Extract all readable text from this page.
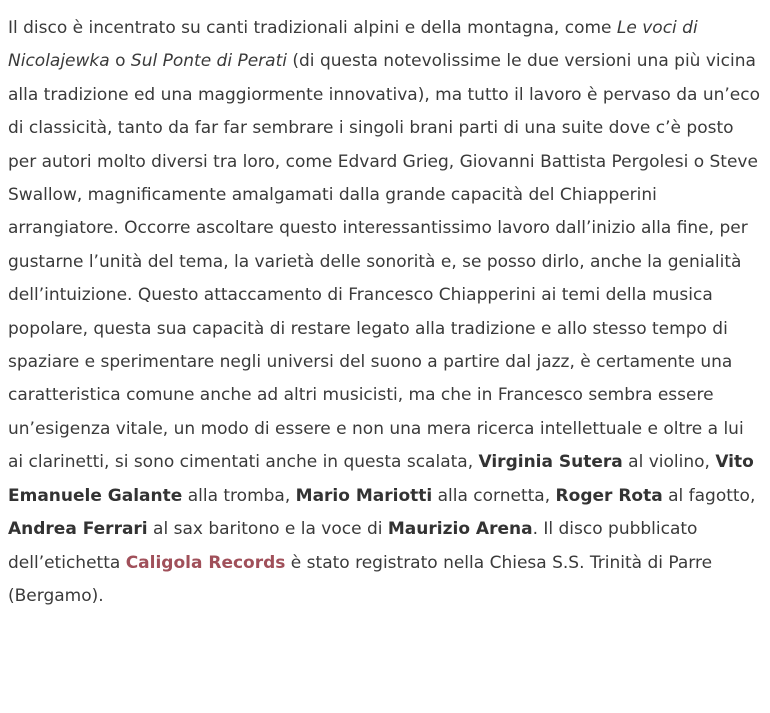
Il disco è incentrato su canti tradizionali alpini e della montagna, come Le voci di Nicolajewka o Sul Ponte di Perati (di questa notevolissime le due versioni una più vicina alla tradizione ed una maggiormente innovativa), ma tutto il lavoro è pervaso da un’eco di classicità, tanto da far far sembrare i singoli brani parti di una suite dove c’è posto per autori molto diversi tra loro, come Edvard Grieg, Giovanni Battista Pergolesi o Steve Swallow, magnificamente amalgamati dalla grande capacità del Chiapperini arrangiatore. Occorre ascoltare questo interessantissimo lavoro dall’inizio alla fine, per gustarne l’unità del tema, la varietà delle sonorità e, se posso dirlo, anche la genialità dell’intuizione. Questo attaccamento di Francesco Chiapperini ai temi della musica popolare, questa sua capacità di restare legato alla tradizione e allo stesso tempo di spaziare e sperimentare negli universi del suono a partire dal jazz, è certamente una caratteristica comune anche ad altri musicisti, ma che in Francesco sembra essere un’esigenza vitale, un modo di essere e non una mera ricerca intellettuale e oltre a lui ai clarinetti, si sono cimentati anche in questa scalata, Virginia Sutera al violino, Vito Emanuele Galante alla tromba, Mario Mariotti alla cornetta, Roger Rota al fagotto, Andrea Ferrari al sax baritono e la voce di Maurizio Arena. Il disco pubblicato dell’etichetta Caligola Records è stato registrato nella Chiesa S.S. Trinità di Parre (Bergamo).
